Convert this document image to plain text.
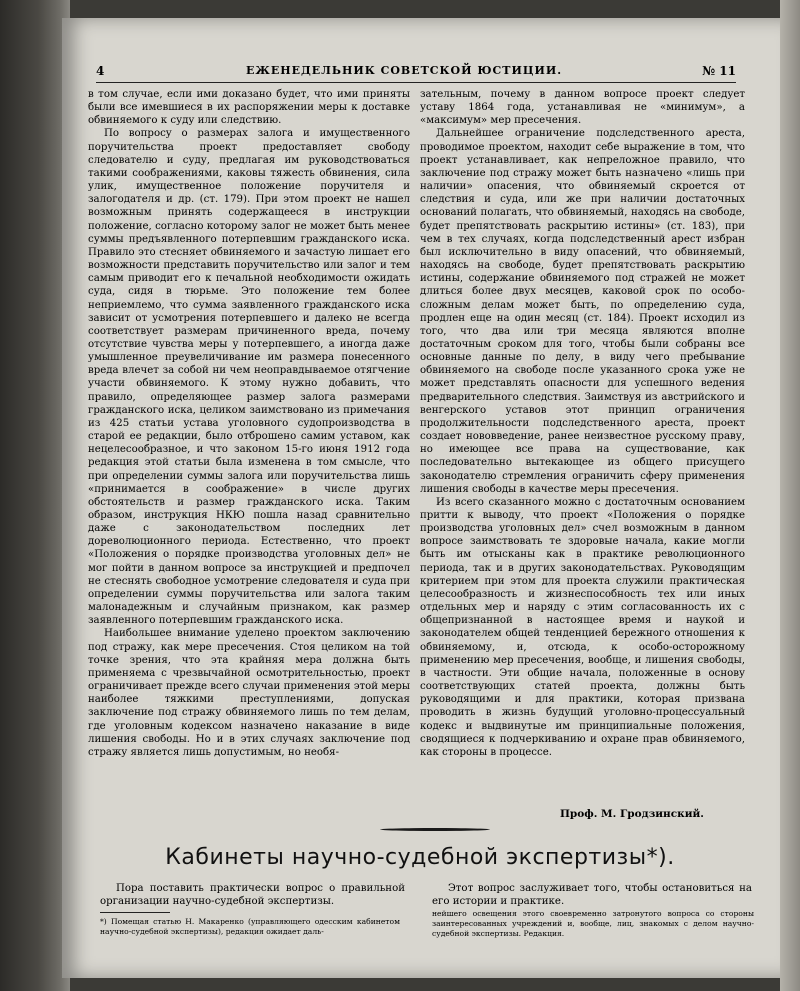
4	ЕЖЕНЕДЕЛЬНИК СОВЕТСКОЙ ЮСТИЦИИ.	№ 11

в том случае, если ими доказано будет, что ими приняты были все имевшиеся в их распоряжении меры к доставке обвиняемого к суду или следствию.

По вопросу о размерах залога и имущественного поручительства проект предоставляет свободу следователю и суду, предлагая им руководствоваться такими соображениями, каковы тяжесть обвинения, сила улик, имущественное положение поручителя и залогодателя и др. (ст. 179). При этом проект не нашел возможным принять содержащееся в инструкции положение, согласно которому залог не может быть менее суммы предъявленного потерпевшим гражданского иска. Правило это стесняет обвиняемого и зачастую лишает его возможности представить поручительство или залог и тем самым приводит его к печальной необходимости ожидать суда, сидя в тюрьме. Это положение тем более неприемлемо, что сумма заявленного гражданского иска зависит от усмотрения потерпевшего и далеко не всегда соответствует размерам причиненного вреда, почему отсутствие чувства меры у потерпевшего, а иногда даже умышленное преувеличивание им размера понесенного вреда влечет за собой ни чем неоправдываемое отягчение участи обвиняемого. К этому нужно добавить, что правило, определяющее размер залога размерами гражданского иска, целиком заимствовано из примечания из 425 статьи устава уголовного судопроизводства в старой ее редакции, было отброшено самим уставом, как нецелесообразное, и что законом 15-го июня 1912 года редакция этой статьи была изменена в том смысле, что при определении суммы залога или поручительства лишь «принимается в соображение» в числе других обстоятельств и размер гражданского иска. Таким образом, инструкция НКЮ пошла назад сравнительно даже с законодательством последних лет дореволюционного периода. Естественно, что проект «Положения о порядке производства уголовных дел» не мог пойти в данном вопросе за инструкцией и предпочел не стеснять свободное усмотрение следователя и суда при определении суммы поручительства или залога таким малонадежным и случайным признаком, как размер заявленного потерпевшим гражданского иска.

Наибольшее внимание уделено проектом заключению под стражу, как мере пресечения. Стоя целиком на той точке зрения, что эта крайняя мера должна быть применяема с чрезвычайной осмотрительностью, проект ограничивает прежде всего случаи применения этой меры наиболее тяжкими преступлениями, допуская заключение под стражу обвиняемого лишь по тем делам, где уголовным кодексом назначено наказание в виде лишения свободы. Но и в этих случаях заключение под стражу является лишь допустимым, но необя-

зательным, почему в данном вопросе проект следует уставу 1864 года, устанавливая не «минимум», а «максимум» мер пресечения.

Дальнейшее ограничение подследственного ареста, проводимое проектом, находит себе выражение в том, что проект устанавливает, как непреложное правило, что заключение под стражу может быть назначено «лишь при наличии» опасения, что обвиняемый скроется от следствия и суда, или же при наличии достаточных оснований полагать, что обвиняемый, находясь на свободе, будет препятствовать раскрытию истины» (ст. 183), при чем в тех случаях, когда подследственный арест избран был исключительно в виду опасений, что обвиняемый, находясь на свободе, будет препятствовать раскрытию истины, содержание обвиняемого под стражей не может длиться более двух месяцев, каковой срок по особо-сложным делам может быть, по определению суда, продлен еще на один месяц (ст. 184). Проект исходил из того, что два или три месяца являются вполне достаточным сроком для того, чтобы были собраны все основные данные по делу, в виду чего пребывание обвиняемого на свободе после указанного срока уже не может представлять опасности для успешного ведения предварительного следствия. Заимствуя из австрийского и венгерского уставов этот принцип ограничения продолжительности подследственного ареста, проект создает нововведение, ранее неизвестное русскому праву, но имеющее все права на существование, как последовательно вытекающее из общего присущего законодателю стремления ограничить сферу применения лишения свободы в качестве меры пресечения.

Из всего сказанного можно с достаточным основанием притти к выводу, что проект «Положения о порядке производства уголовных дел» счел возможным в данном вопросе заимствовать те здоровые начала, какие могли быть им отысканы как в практике революционного периода, так и в других законодательствах. Руководящим критерием при этом для проекта служили практическая целесообразность и жизнеспособность тех или иных отдельных мер и наряду с этим согласованность их с общепризнанной в настоящее время и наукой и законодателем общей тенденцией бережного отношения к обвиняемому, и, отсюда, к особо-осторожному применению мер пресечения, вообще, и лишения свободы, в частности. Эти общие начала, положенные в основу соответствующих статей проекта, должны быть руководящими и для практики, которая призвана проводить в жизнь будущий уголовно-процессуальный кодекс и выдвинутые им принципиальные положения, сводящиеся к подчеркиванию и охране прав обвиняемого, как стороны в процессе.

Проф. М. Гродзинский.
Кабинеты научно-судебной экспертизы*).

Пора поставить практически вопрос о правильной организации научно-судебной экспертизы.

Этот вопрос заслуживает того, чтобы остановиться на его истории и практике.

*) Помещая статью Н. Макаренко (управляющего одесским кабинетом научно-судебной экспертизы), редакция ожидает даль-
нейшего освещения этого своевременно затронутого вопроса со стороны заинтересованных учреждений и, вообще, лиц, знакомых с делом научно-судебной экспертизы. Редакция.
